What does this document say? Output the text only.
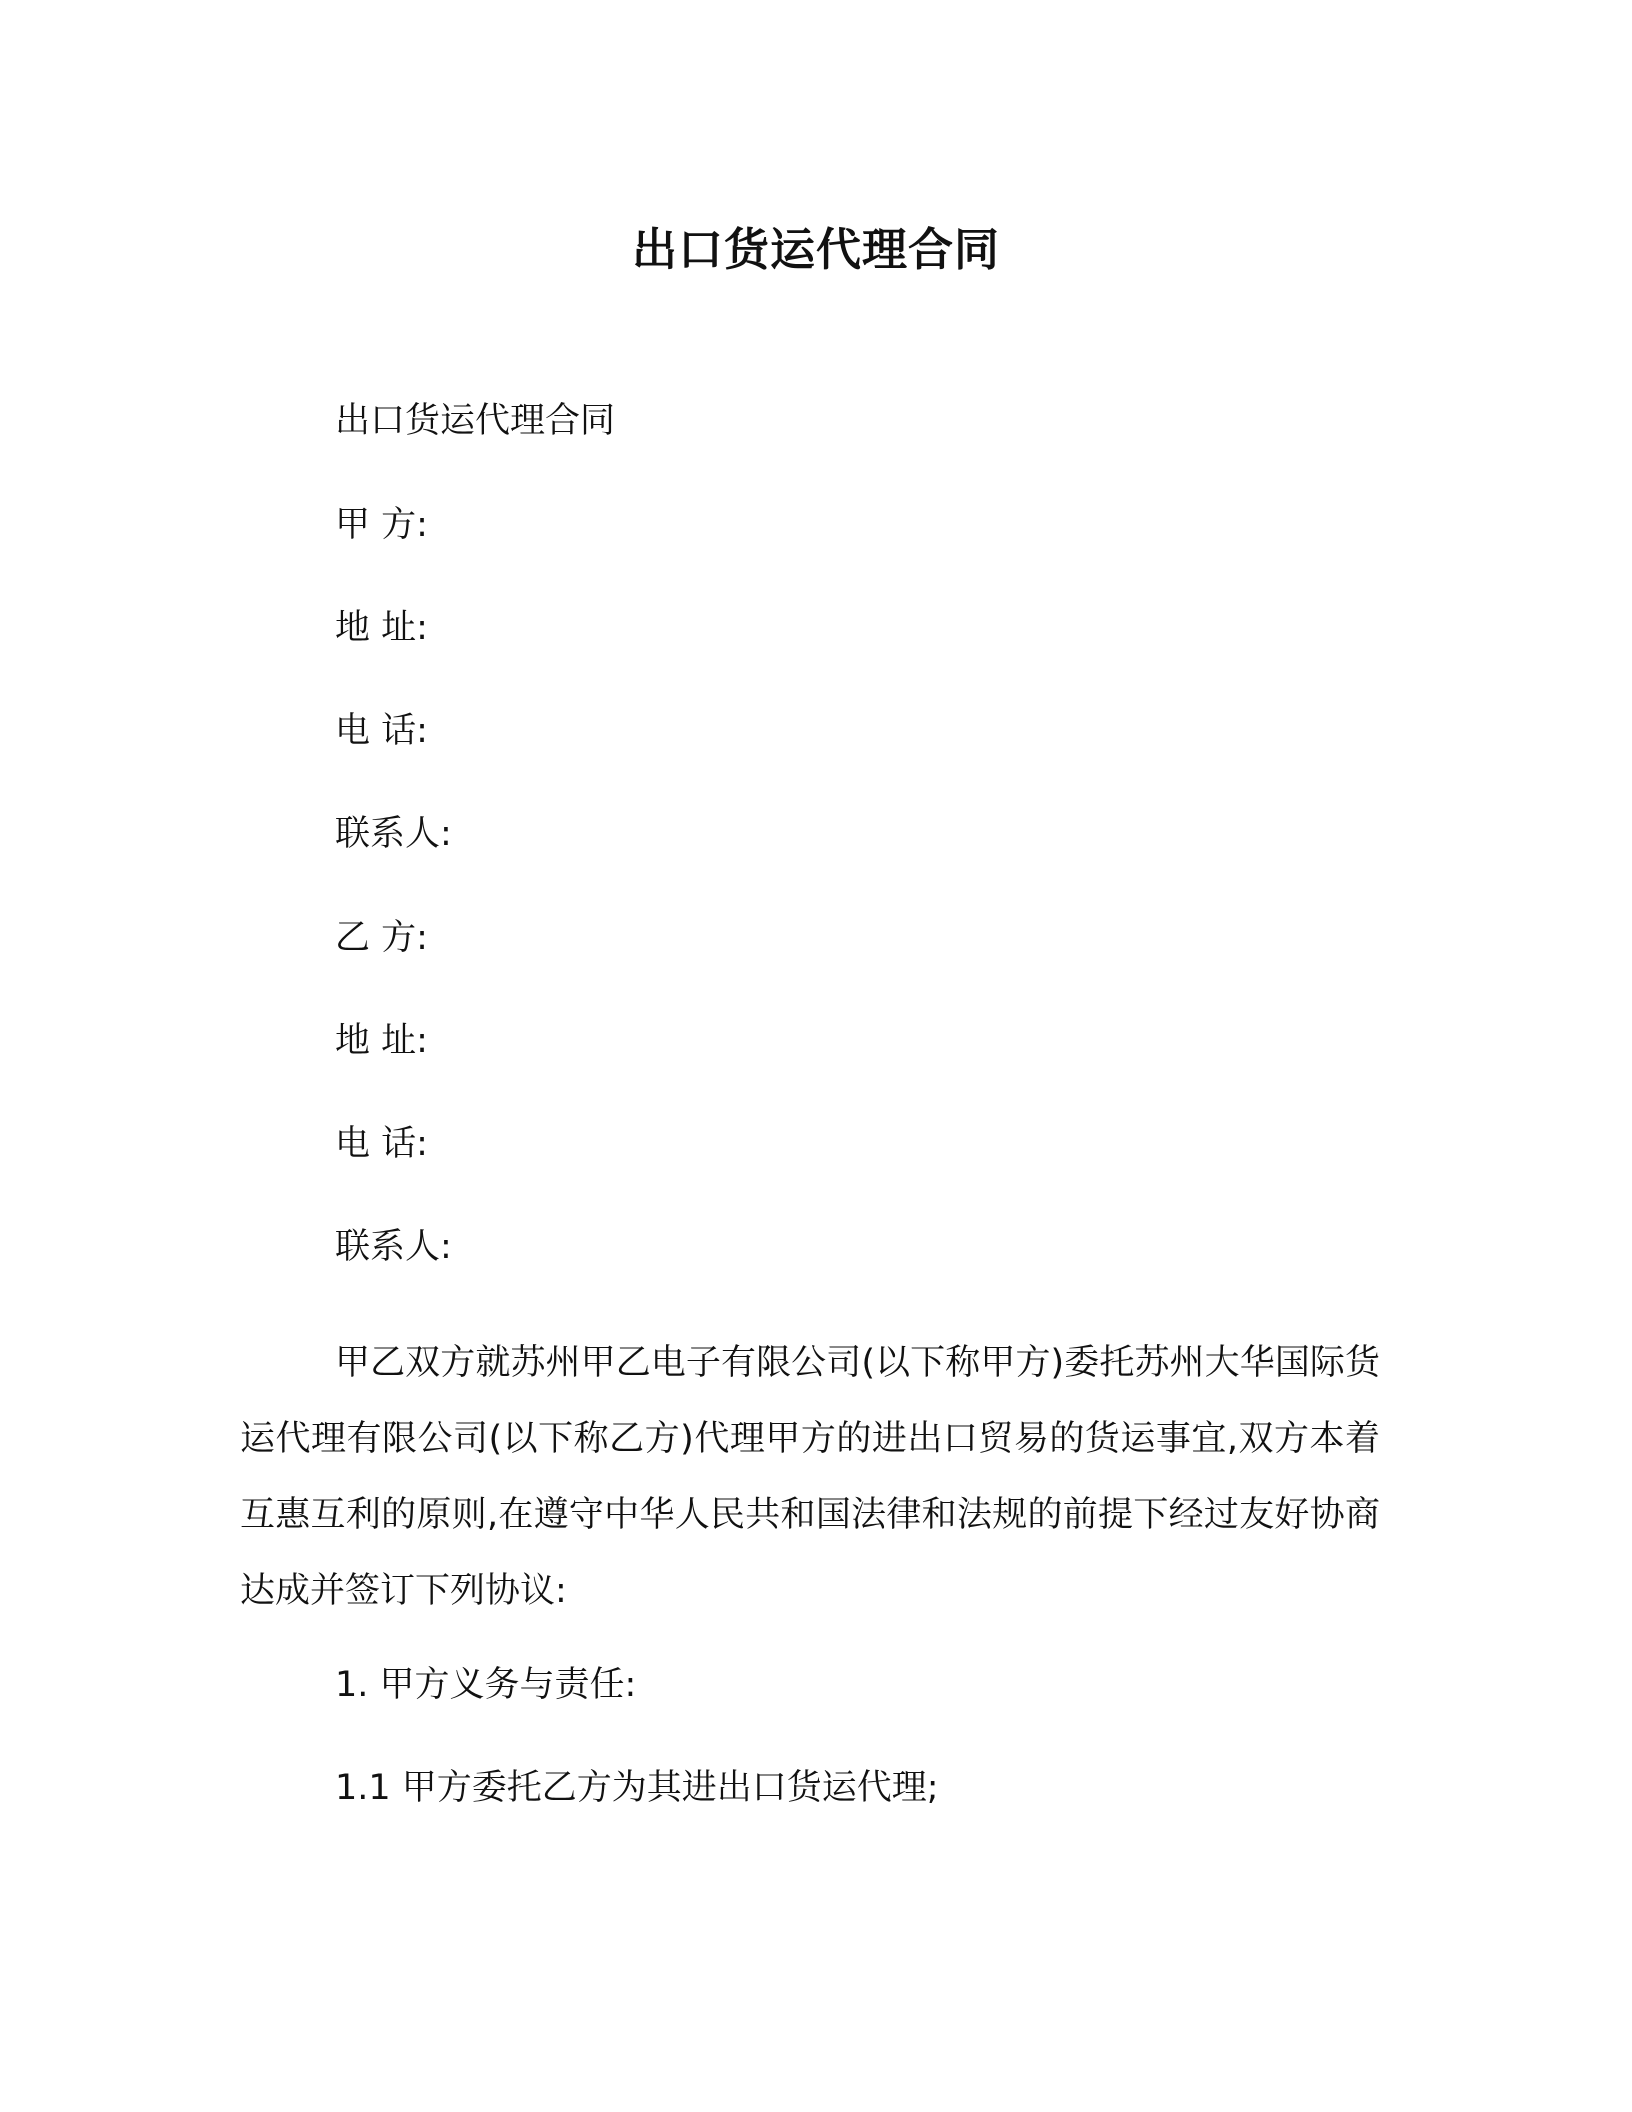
出口货运代理合同
出口货运代理合同
甲 方:
地 址:
电 话:
联系人:
乙 方:
地 址:
电 话:
联系人:
甲乙双方就苏州甲乙电子有限公司(以下称甲方)委托苏州大华国际货运代理有限公司(以下称乙方)代理甲方的进出口贸易的货运事宜,双方本着互惠互利的原则,在遵守中华人民共和国法律和法规的前提下经过友好协商达成并签订下列协议:
1. 甲方义务与责任:
1.1 甲方委托乙方为其进出口货运代理;
